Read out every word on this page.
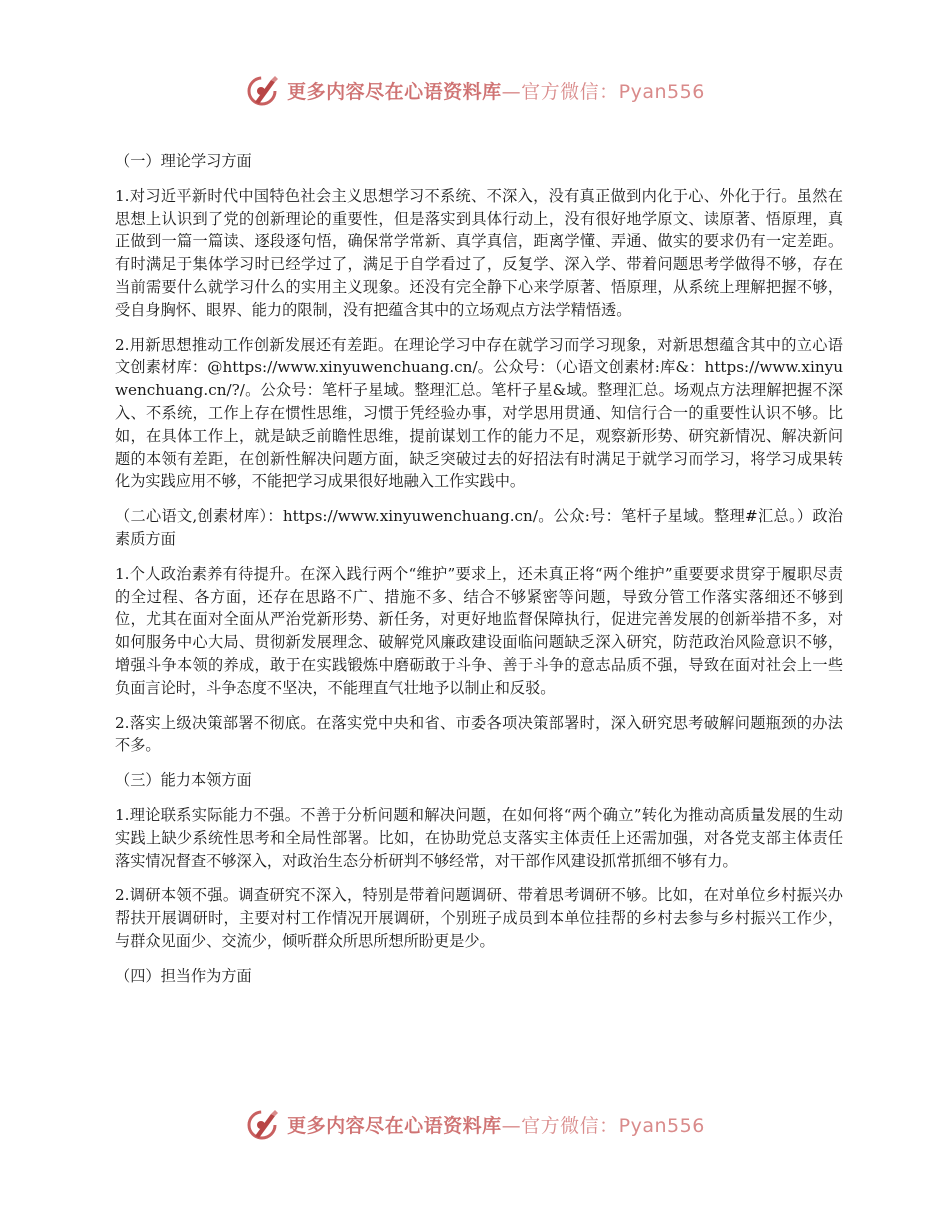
更多内容尽在心语资料库—官方微信：Pyan556

（一）理论学习方面

1.对习近平新时代中国特色社会主义思想学习不系统、不深入，没有真正做到内化于心、外化于行。虽然在思想上认识到了党的创新理论的重要性，但是落实到具体行动上，没有很好地学原文、读原著、悟原理，真正做到一篇一篇读、逐段逐句悟，确保常学常新、真学真信，距离学懂、弄通、做实的要求仍有一定差距。有时满足于集体学习时已经学过了，满足于自学看过了，反复学、深入学、带着问题思考学做得不够，存在当前需要什么就学习什么的实用主义现象。还没有完全静下心来学原著、悟原理，从系统上理解把握不够，受自身胸怀、眼界、能力的限制，没有把蕴含其中的立场观点方法学精悟透。

2.用新思想推动工作创新发展还有差距。在理论学习中存在就学习而学习现象，对新思想蕴含其中的立心语文创素材库：@https://www.xinyuwenchuang.cn/。公众号：（心语文创素材:库&：https://www.xinyuwenchuang.cn/?/。公众号：笔杆子星域。整理汇总。笔杆子星&域。整理汇总。场观点方法理解把握不深入、不系统，工作上存在惯性思维，习惯于凭经验办事，对学思用贯通、知信行合一的重要性认识不够。比如，在具体工作上，就是缺乏前瞻性思维，提前谋划工作的能力不足，观察新形势、研究新情况、解决新问题的本领有差距，在创新性解决问题方面，缺乏突破过去的好招法有时满足于就学习而学习，将学习成果转化为实践应用不够，不能把学习成果很好地融入工作实践中。

（二心语文,创素材库）：https://www.xinyuwenchuang.cn/。公众:号：笔杆子星域。整理#汇总。）政治素质方面

1.个人政治素养有待提升。在深入践行两个“维护”要求上，还未真正将“两个维护”重要要求贯穿于履职尽责的全过程、各方面，还存在思路不广、措施不多、结合不够紧密等问题，导致分管工作落实落细还不够到位，尤其在面对全面从严治党新形势、新任务，对更好地监督保障执行，促进完善发展的创新举措不多，对如何服务中心大局、贯彻新发展理念、破解党风廉政建设面临问题缺乏深入研究，防范政治风险意识不够，增强斗争本领的养成，敢于在实践锻炼中磨砺敢于斗争、善于斗争的意志品质不强，导致在面对社会上一些负面言论时，斗争态度不坚决，不能理直气壮地予以制止和反驳。

2.落实上级决策部署不彻底。在落实党中央和省、市委各项决策部署时，深入研究思考破解问题瓶颈的办法不多。

（三）能力本领方面

1.理论联系实际能力不强。不善于分析问题和解决问题，在如何将“两个确立”转化为推动高质量发展的生动实践上缺少系统性思考和全局性部署。比如，在协助党总支落实主体责任上还需加强，对各党支部主体责任落实情况督查不够深入，对政治生态分析研判不够经常，对干部作风建设抓常抓细不够有力。

2.调研本领不强。调查研究不深入，特别是带着问题调研、带着思考调研不够。比如，在对单位乡村振兴办帮扶开展调研时，主要对村工作情况开展调研，个别班子成员到本单位挂帮的乡村去参与乡村振兴工作少，与群众见面少、交流少，倾听群众所思所想所盼更是少。

（四）担当作为方面

更多内容尽在心语资料库—官方微信：Pyan556
